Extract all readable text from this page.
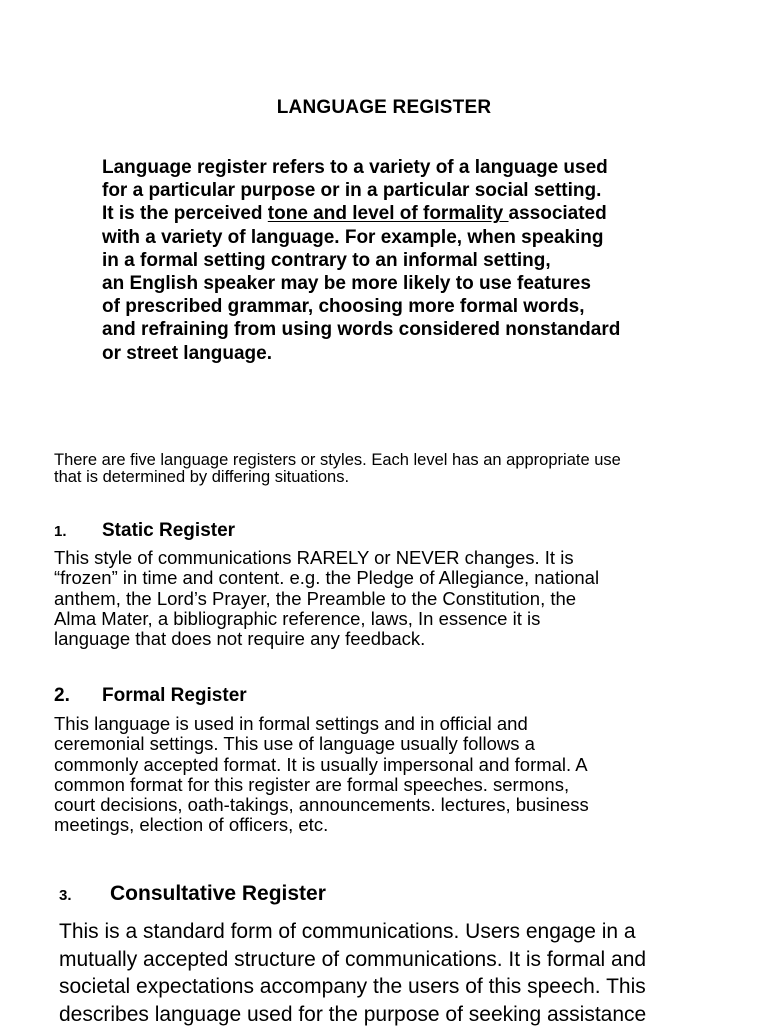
LANGUAGE REGISTER
Language register refers to a variety of a language used
for a particular purpose or in a particular social setting.
It is the perceived tone and level of formality associated
with a variety of language. For example, when speaking
in a formal setting contrary to an informal setting,
an English speaker may be more likely to use features
of prescribed grammar, choosing more formal words,
and refraining from using words considered nonstandard
or street language.
There are five language registers or styles. Each level has an appropriate use
that is determined by differing situations.
1. Static Register
This style of communications RARELY or NEVER changes. It is
“frozen” in time and content. e.g. the Pledge of Allegiance, national
anthem, the Lord’s Prayer, the Preamble to the Constitution, the
Alma Mater, a bibliographic reference, laws, In essence it is
language that does not require any feedback.
2. Formal Register
This language is used in formal settings and in official and
ceremonial settings. This use of language usually follows a
commonly accepted format. It is usually impersonal and formal. A
common format for this register are formal speeches. sermons,
court decisions, oath-takings, announcements. lectures, business
meetings, election of officers, etc.
3. Consultative Register
This is a standard form of communications. Users engage in a
mutually accepted structure of communications. It is formal and
societal expectations accompany the users of this speech. This
describes language used for the purpose of seeking assistance
